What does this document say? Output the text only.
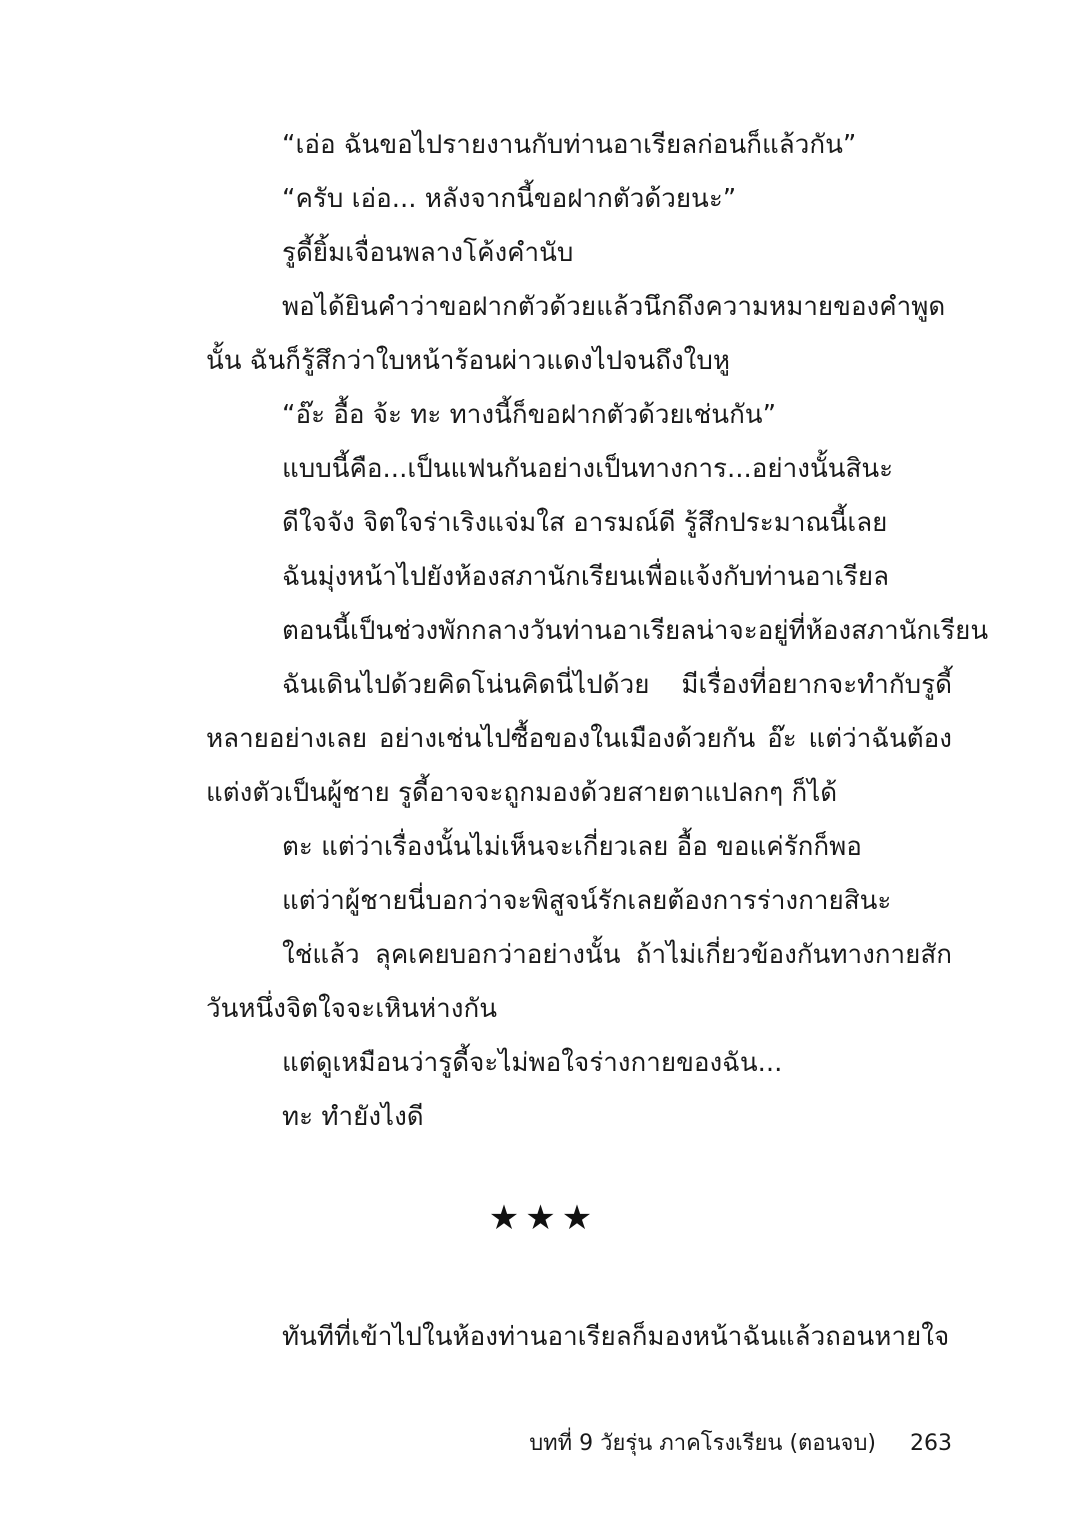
“เอ่อ ฉันขอไปรายงานกับท่านอาเรียลก่อนก็แล้วกัน”

“ครับ เอ่อ... หลังจากนี้ขอฝากตัวด้วยนะ”

รูดี้ยิ้มเจื่อนพลางโค้งคำนับ

พอได้ยินคำว่าขอฝากตัวด้วยแล้วนึกถึงความหมายของคำพูดนั้น ฉันก็รู้สึกว่าใบหน้าร้อนผ่าวแดงไปจนถึงใบหู

“อ๊ะ อื้อ จ้ะ ทะ ทางนี้ก็ขอฝากตัวด้วยเช่นกัน”

แบบนี้คือ...เป็นแฟนกันอย่างเป็นทางการ...อย่างนั้นสินะ

ดีใจจัง จิตใจร่าเริงแจ่มใส อารมณ์ดี รู้สึกประมาณนี้เลย

ฉันมุ่งหน้าไปยังห้องสภานักเรียนเพื่อแจ้งกับท่านอาเรียล

ตอนนี้เป็นช่วงพักกลางวันท่านอาเรียลน่าจะอยู่ที่ห้องสภานักเรียน

ฉันเดินไปด้วยคิดโน่นคิดนี่ไปด้วย มีเรื่องที่อยากจะทำกับรูดี้หลายอย่างเลย อย่างเช่นไปซื้อของในเมืองด้วยกัน อ๊ะ แต่ว่าฉันต้องแต่งตัวเป็นผู้ชาย รูดี้อาจจะถูกมองด้วยสายตาแปลกๆ ก็ได้

ตะ แต่ว่าเรื่องนั้นไม่เห็นจะเกี่ยวเลย อื้อ ขอแค่รักก็พอ

แต่ว่าผู้ชายนี่บอกว่าจะพิสูจน์รักเลยต้องการร่างกายสินะ

ใช่แล้ว ลุคเคยบอกว่าอย่างนั้น ถ้าไม่เกี่ยวข้องกันทางกายสักวันหนึ่งจิตใจจะเหินห่างกัน

แต่ดูเหมือนว่ารูดี้จะไม่พอใจร่างกายของฉัน...

ทะ ทำยังไงดี

★★★

ทันทีที่เข้าไปในห้องท่านอาเรียลก็มองหน้าฉันแล้วถอนหายใจ

บทที่ 9 วัยรุ่น ภาคโรงเรียน (ตอนจบ) 263
